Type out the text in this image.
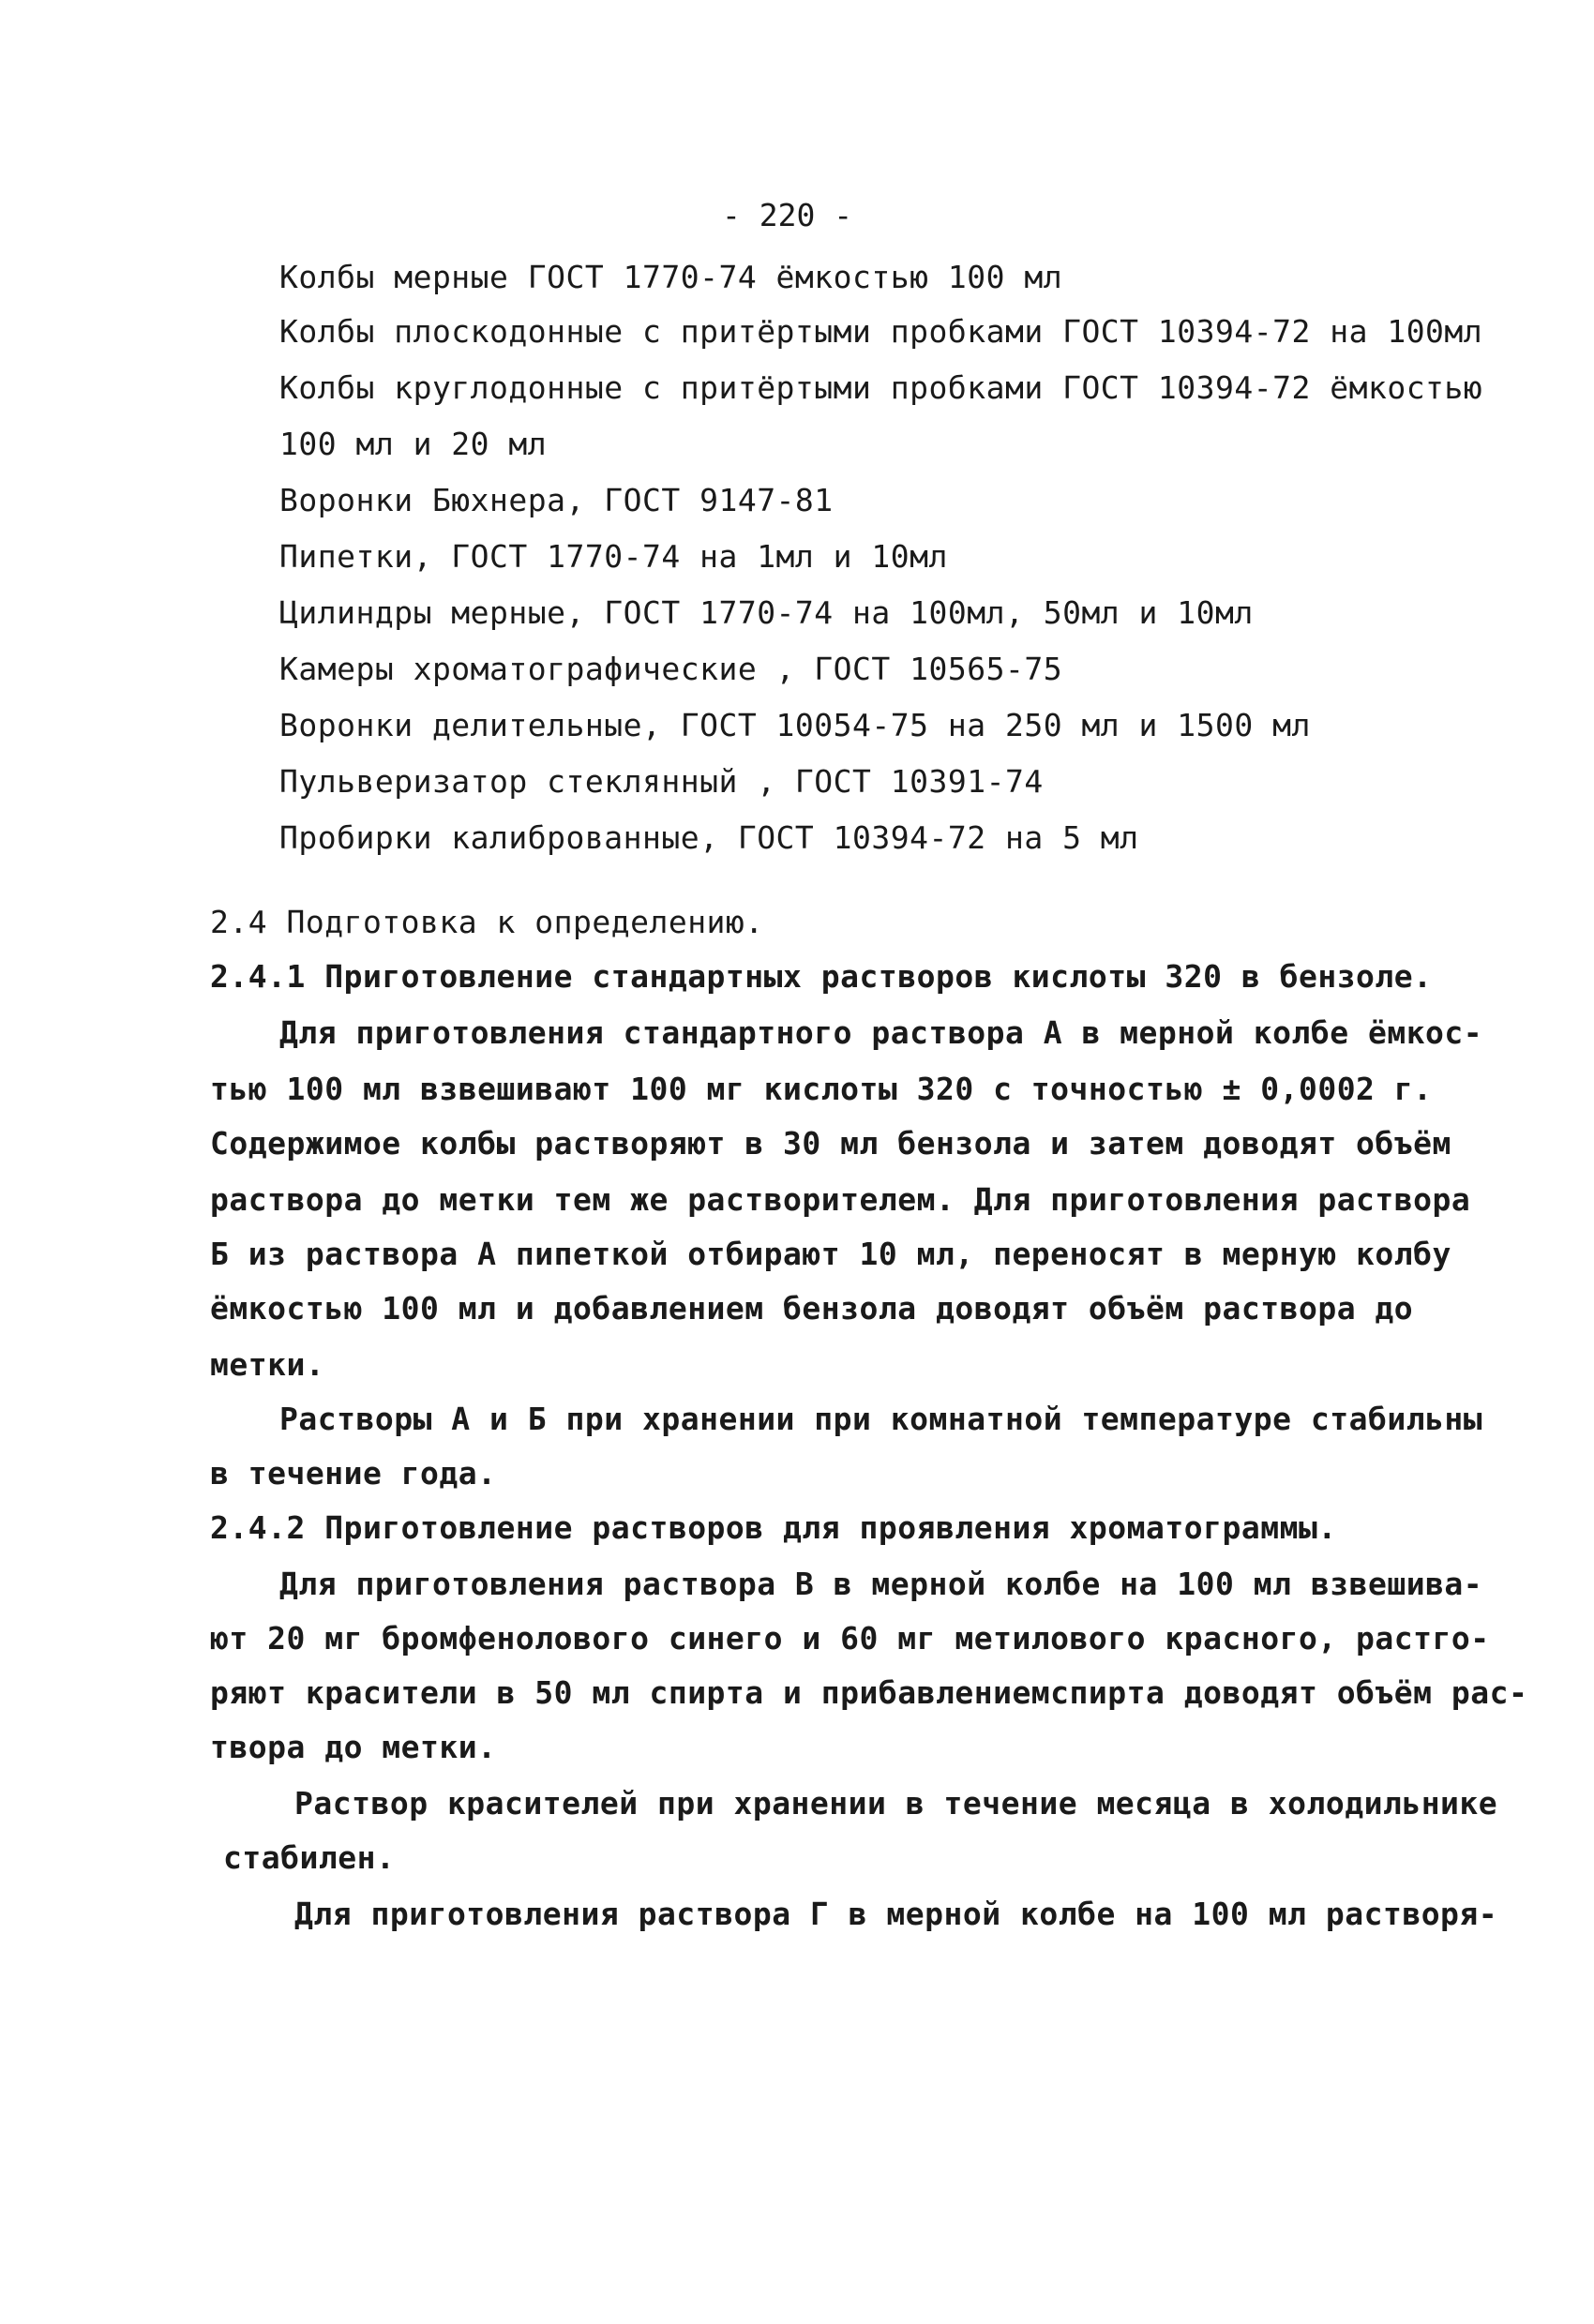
- 220 -
Колбы мерные ГОСТ 1770-74 ёмкостью 100 мл
Колбы плоскодонные с притёртыми пробками ГОСТ 10394-72 на 100мл
Колбы круглодонные с притёртыми пробками ГОСТ 10394-72 ёмкостью
100 мл и 20 мл
Воронки Бюхнера, ГОСТ 9147-81
Пипетки, ГОСТ 1770-74 на 1мл и 10мл
Цилиндры мерные, ГОСТ 1770-74 на 100мл, 50мл и 10мл
Камеры хроматографические , ГОСТ 10565-75
Воронки делительные, ГОСТ 10054-75 на 250 мл и 1500 мл
Пульверизатор стеклянный , ГОСТ 10391-74
Пробирки калиброванные, ГОСТ 10394-72 на 5 мл
2.4 Подготовка к определению.
2.4.1 Приготовление стандартных растворов кислоты 320 в бензоле.
Для приготовления стандартного раствора А в мерной колбе ёмкос-
тью 100 мл взвешивают 100 мг кислоты 320 с точностью ± 0,0002 г.
Содержимое колбы растворяют в 30 мл бензола и затем доводят объём
раствора до метки тем же растворителем. Для приготовления раствора
Б из раствора А пипеткой отбирают 10 мл, переносят в мерную колбу
ёмкостью 100 мл и добавлением бензола доводят объём раствора до
метки.
Растворы А и Б при хранении при комнатной температуре стабильны
в течение года.
2.4.2 Приготовление растворов для проявления хроматограммы.
Для приготовления раствора В в мерной колбе на 100 мл взвешива-
ют 20 мг бромфенолового синего и 60 мг метилового красного, растго-
ряют красители в 50 мл спирта и прибавлениемспирта доводят объём рас-
твора до метки.
Раствор красителей при хранении в течение месяца в холодильнике
стабилен.
Для приготовления раствора Г в мерной колбе на 100 мл растворя-
